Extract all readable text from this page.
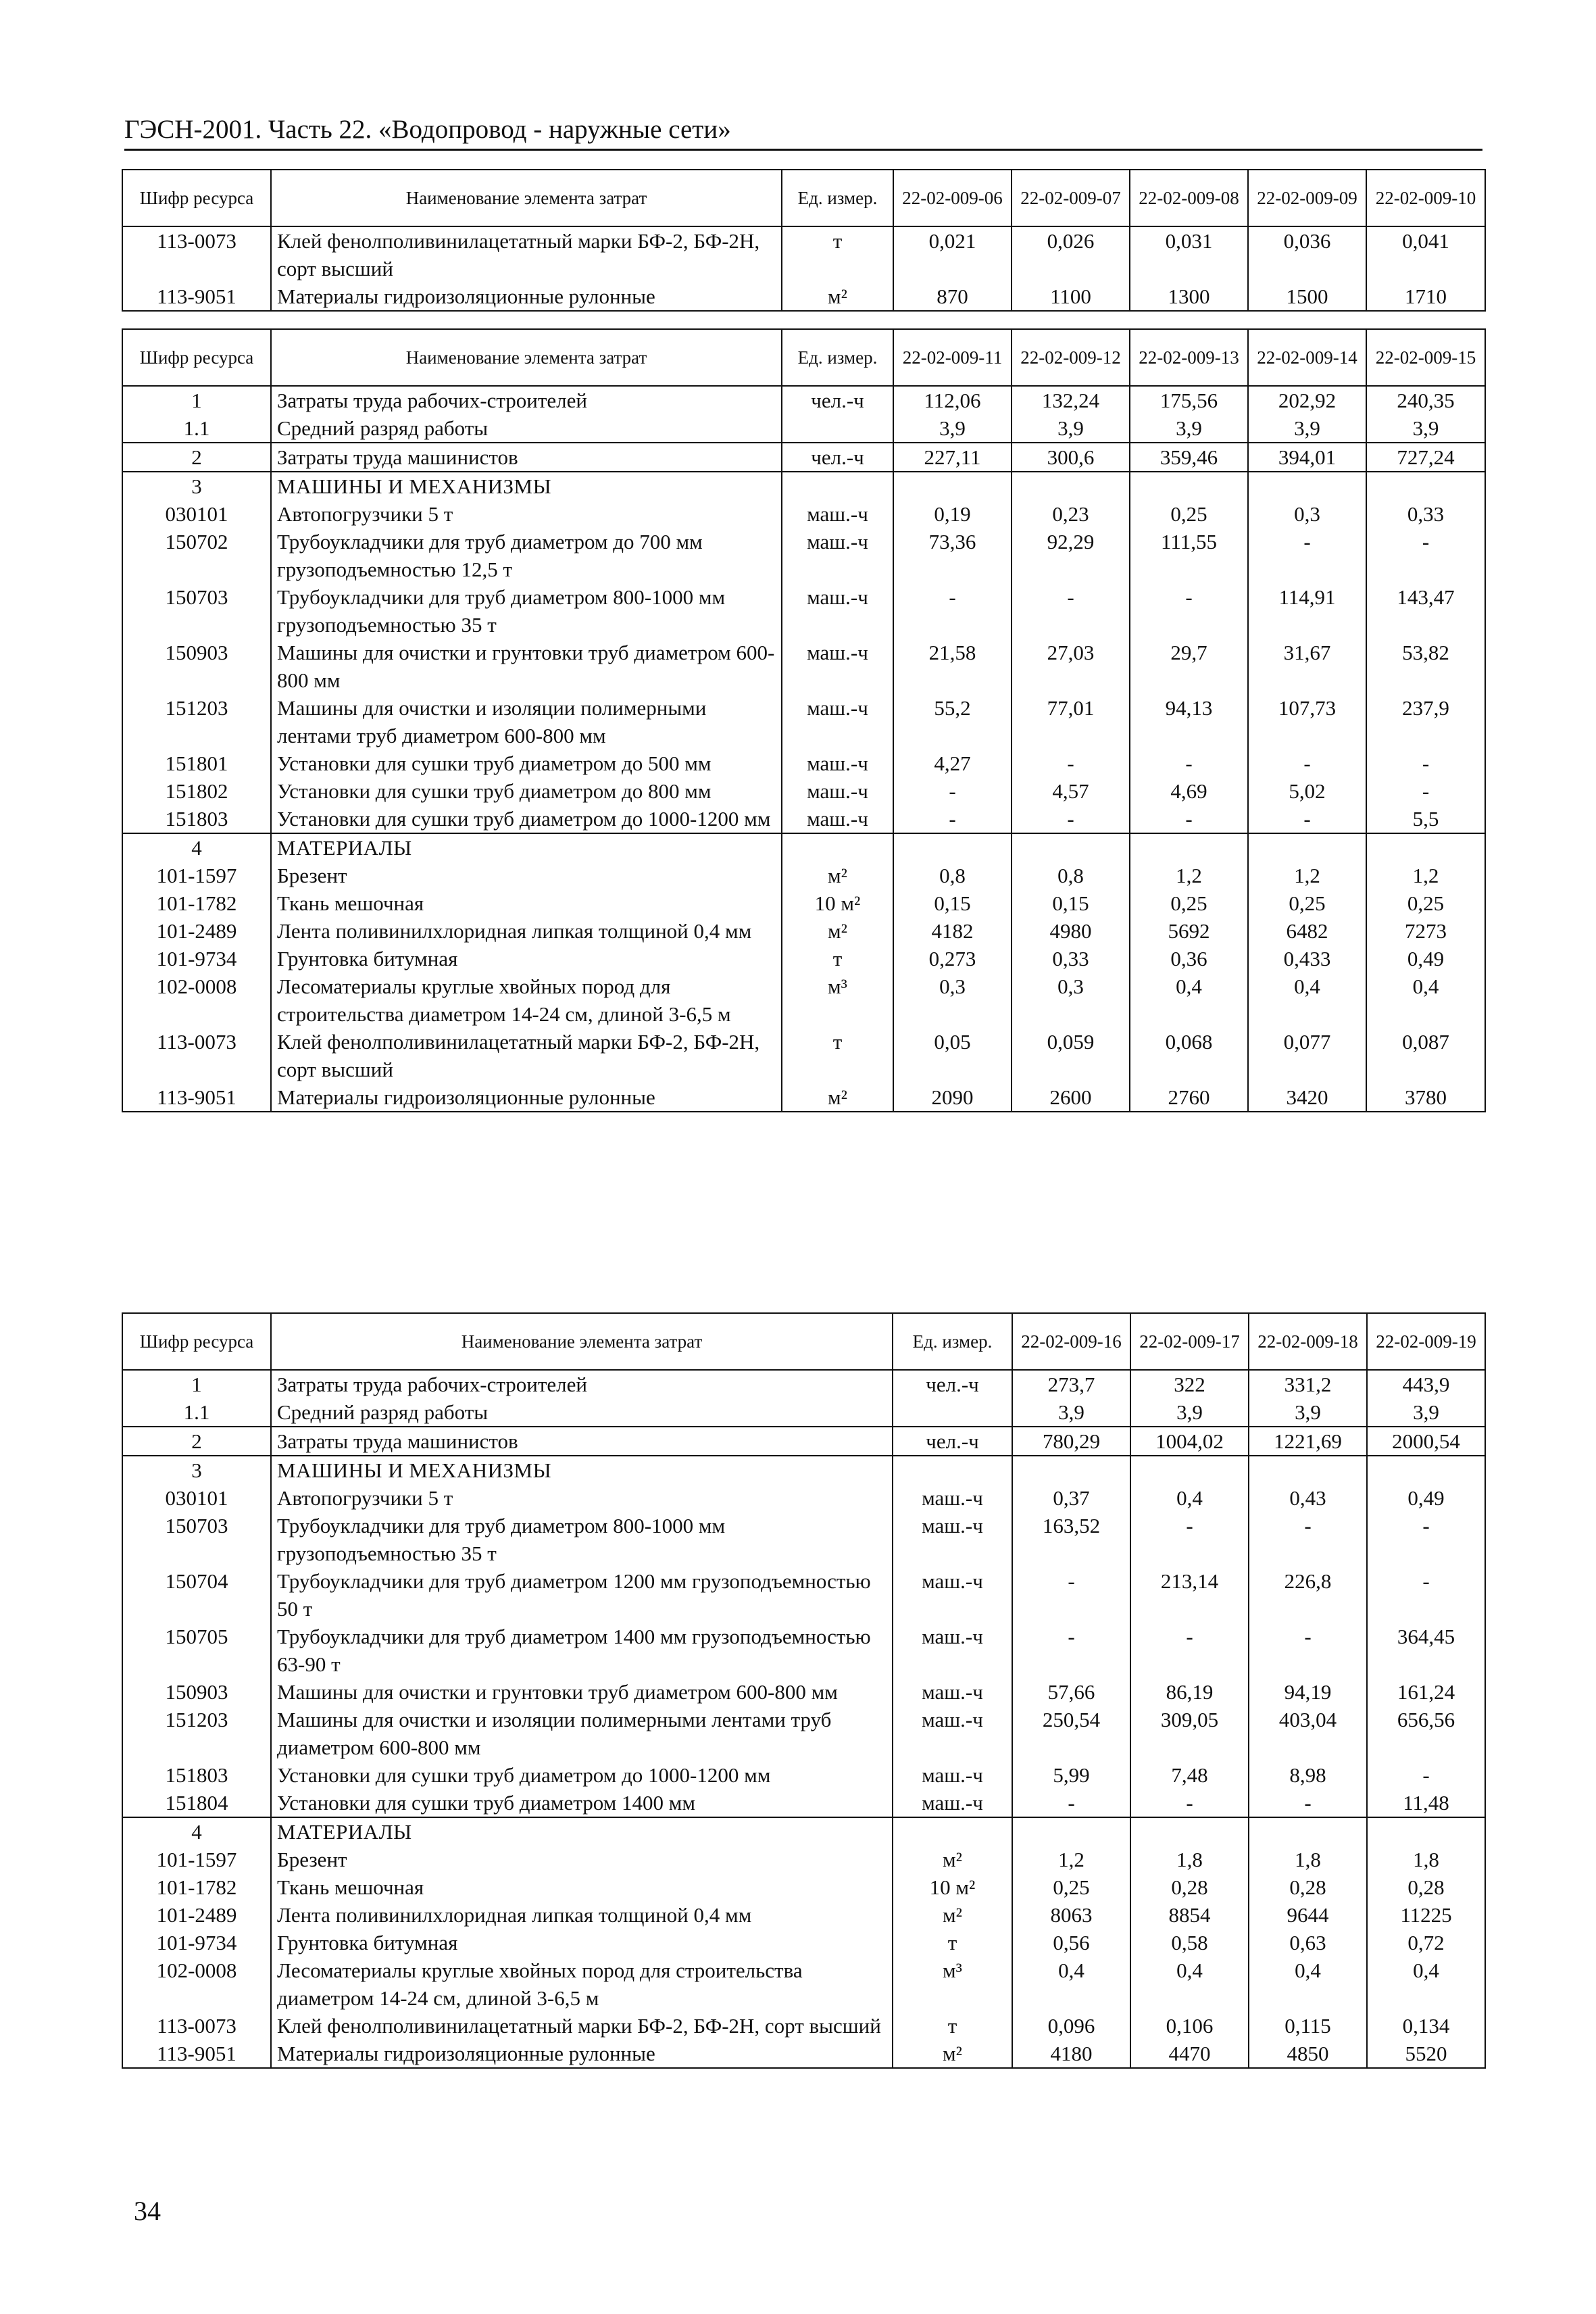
ГЭСН-2001. Часть 22. «Водопровод - наружные сети»
Шифр ресурса	Наименование элемента затрат	Ед. измер.	22-02-009-06	22-02-009-07	22-02-009-08	22-02-009-09	22-02-009-10
113-0073	Клей фенолполивинилацетатный марки БФ-2, БФ-2Н, сорт высший	т	0,021	0,026	0,031	0,036	0,041
113-9051	Материалы гидроизоляционные рулонные	м²	870	1100	1300	1500	1710
Шифр ресурса	Наименование элемента затрат	Ед. измер.	22-02-009-11	22-02-009-12	22-02-009-13	22-02-009-14	22-02-009-15
1	Затраты труда рабочих-строителей	чел.-ч	112,06	132,24	175,56	202,92	240,35
1.1	Средний разряд работы		3,9	3,9	3,9	3,9	3,9
2	Затраты труда машинистов	чел.-ч	227,11	300,6	359,46	394,01	727,24
3	МАШИНЫ И МЕХАНИЗМЫ						
030101	Автопогрузчики 5 т	маш.-ч	0,19	0,23	0,25	0,3	0,33
150702	Трубоукладчики для труб диаметром до 700 мм грузоподъемностью 12,5 т	маш.-ч	73,36	92,29	111,55	-	-
150703	Трубоукладчики для труб диаметром 800-1000 мм грузоподъемностью 35 т	маш.-ч	-	-	-	114,91	143,47
150903	Машины для очистки и грунтовки труб диаметром 600-800 мм	маш.-ч	21,58	27,03	29,7	31,67	53,82
151203	Машины для очистки и изоляции полимерными лентами труб диаметром 600-800 мм	маш.-ч	55,2	77,01	94,13	107,73	237,9
151801	Установки для сушки труб диаметром до 500 мм	маш.-ч	4,27	-	-	-	-
151802	Установки для сушки труб диаметром до 800 мм	маш.-ч	-	4,57	4,69	5,02	-
151803	Установки для сушки труб диаметром до 1000-1200 мм	маш.-ч	-	-	-	-	5,5
4	МАТЕРИАЛЫ						
101-1597	Брезент	м²	0,8	0,8	1,2	1,2	1,2
101-1782	Ткань мешочная	10 м²	0,15	0,15	0,25	0,25	0,25
101-2489	Лента поливинилхлоридная липкая толщиной 0,4 мм	м²	4182	4980	5692	6482	7273
101-9734	Грунтовка битумная	т	0,273	0,33	0,36	0,433	0,49
102-0008	Лесоматериалы круглые хвойных пород для строительства диаметром 14-24 см, длиной 3-6,5 м	м³	0,3	0,3	0,4	0,4	0,4
113-0073	Клей фенолполивинилацетатный марки БФ-2, БФ-2Н, сорт высший	т	0,05	0,059	0,068	0,077	0,087
113-9051	Материалы гидроизоляционные рулонные	м²	2090	2600	2760	3420	3780
Шифр ресурса	Наименование элемента затрат	Ед. измер.	22-02-009-16	22-02-009-17	22-02-009-18	22-02-009-19
1	Затраты труда рабочих-строителей	чел.-ч	273,7	322	331,2	443,9
1.1	Средний разряд работы		3,9	3,9	3,9	3,9
2	Затраты труда машинистов	чел.-ч	780,29	1004,02	1221,69	2000,54
3	МАШИНЫ И МЕХАНИЗМЫ					
030101	Автопогрузчики 5 т	маш.-ч	0,37	0,4	0,43	0,49
150703	Трубоукладчики для труб диаметром 800-1000 мм грузоподъемностью 35 т	маш.-ч	163,52	-	-	-
150704	Трубоукладчики для труб диаметром 1200 мм грузоподъемностью 50 т	маш.-ч	-	213,14	226,8	-
150705	Трубоукладчики для труб диаметром 1400 мм грузоподъемностью 63-90 т	маш.-ч	-	-	-	364,45
150903	Машины для очистки и грунтовки труб диаметром 600-800 мм	маш.-ч	57,66	86,19	94,19	161,24
151203	Машины для очистки и изоляции полимерными лентами труб диаметром 600-800 мм	маш.-ч	250,54	309,05	403,04	656,56
151803	Установки для сушки труб диаметром до 1000-1200 мм	маш.-ч	5,99	7,48	8,98	-
151804	Установки для сушки труб диаметром 1400 мм	маш.-ч	-	-	-	11,48
4	МАТЕРИАЛЫ					
101-1597	Брезент	м²	1,2	1,8	1,8	1,8
101-1782	Ткань мешочная	10 м²	0,25	0,28	0,28	0,28
101-2489	Лента поливинилхлоридная липкая толщиной 0,4 мм	м²	8063	8854	9644	11225
101-9734	Грунтовка битумная	т	0,56	0,58	0,63	0,72
102-0008	Лесоматериалы круглые хвойных пород для строительства диаметром 14-24 см, длиной 3-6,5 м	м³	0,4	0,4	0,4	0,4
113-0073	Клей фенолполивинилацетатный марки БФ-2, БФ-2Н, сорт высший	т	0,096	0,106	0,115	0,134
113-9051	Материалы гидроизоляционные рулонные	м²	4180	4470	4850	5520
34
